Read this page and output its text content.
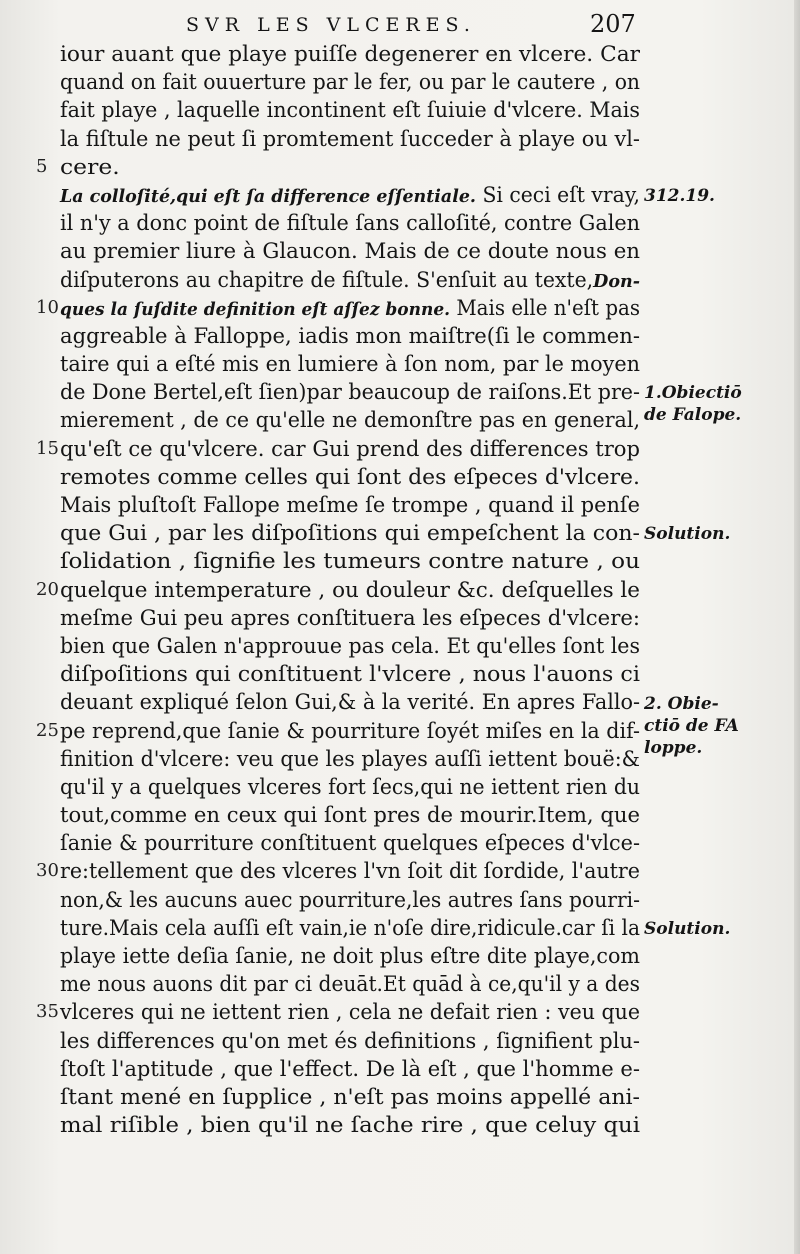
SVR LES VLCERES.	207
iour auant que playe puiſſe degenerer en vlcere. Car
quand on fait ouuerture par le fer, ou par le cautere , on
fait playe , laquelle incontinent eſt ſuiuie d'vlcere. Mais
la fiſtule ne peut ſi promtement ſucceder à playe ou vl-
5 cere.
La colloſité,qui eſt ſa difference eſſentiale. Si ceci eſt vray,
il n'y a donc point de fiſtule ſans calloſité, contre Galen
au premier liure à Glaucon. Mais de ce doute nous en
diſputerons au chapitre de fiſtule. S'enſuit au texte,Don-
10 ques la ſuſdite definition eſt aſſez bonne. Mais elle n'eſt pas
aggreable à Falloppe, iadis mon maiſtre(ſi le commen-
taire qui a eſté mis en lumiere à ſon nom, par le moyen
de Done Bertel,eſt ſien)par beaucoup de raiſons.Et pre-
mierement , de ce qu'elle ne demonſtre pas en general,
15 qu'eſt ce qu'vlcere. car Gui prend des differences trop
remotes comme celles qui ſont des eſpeces d'vlcere.
Mais pluſtoſt Fallope meſme ſe trompe , quand il penſe
que Gui , par les diſpoſitions qui empeſchent la con-
ſolidation , ſignifie les tumeurs contre nature , ou
20 quelque intemperature , ou douleur &c. deſquelles le
meſme Gui peu apres conſtituera les eſpeces d'vlcere:
bien que Galen n'approuue pas cela. Et qu'elles ſont les
diſpoſitions qui conſtituent l'vlcere , nous l'auons ci
deuant expliqué ſelon Gui,& à la verité. En apres Fallo-
25 pe reprend,que ſanie & pourriture ſoyét miſes en la dif-
finition d'vlcere: veu que les playes auſſi iettent bouë:&
qu'il y a quelques vlceres fort ſecs,qui ne iettent rien du
tout,comme en ceux qui ſont pres de mourir.Item, que
ſanie & pourriture conſtituent quelques eſpeces d'vlce-
30 re:tellement que des vlceres l'vn ſoit dit ſordide, l'autre
non,& les aucuns auec pourriture,les autres ſans pourri-
ture.Mais cela auſſi eſt vain,ie n'oſe dire,ridicule.car ſi la
playe iette deſia ſanie, ne doit plus eſtre dite playe,com
me nous auons dit par ci deuāt.Et quād à ce,qu'il y a des
35 vlceres qui ne iettent rien , cela ne defait rien : veu que
les differences qu'on met és definitions , ſignifient plu-
ſtoſt l'aptitude , que l'effect. De là eſt , que l'homme e-
ſtant mené en ſupplice , n'eſt pas moins appellé ani-
mal riſible , bien qu'il ne ſache rire , que celuy qui
312.19.
1.Obiectiō
de Falope.
Solution.
2. Obie-
ctiō de FA
loppe.
Solution.
